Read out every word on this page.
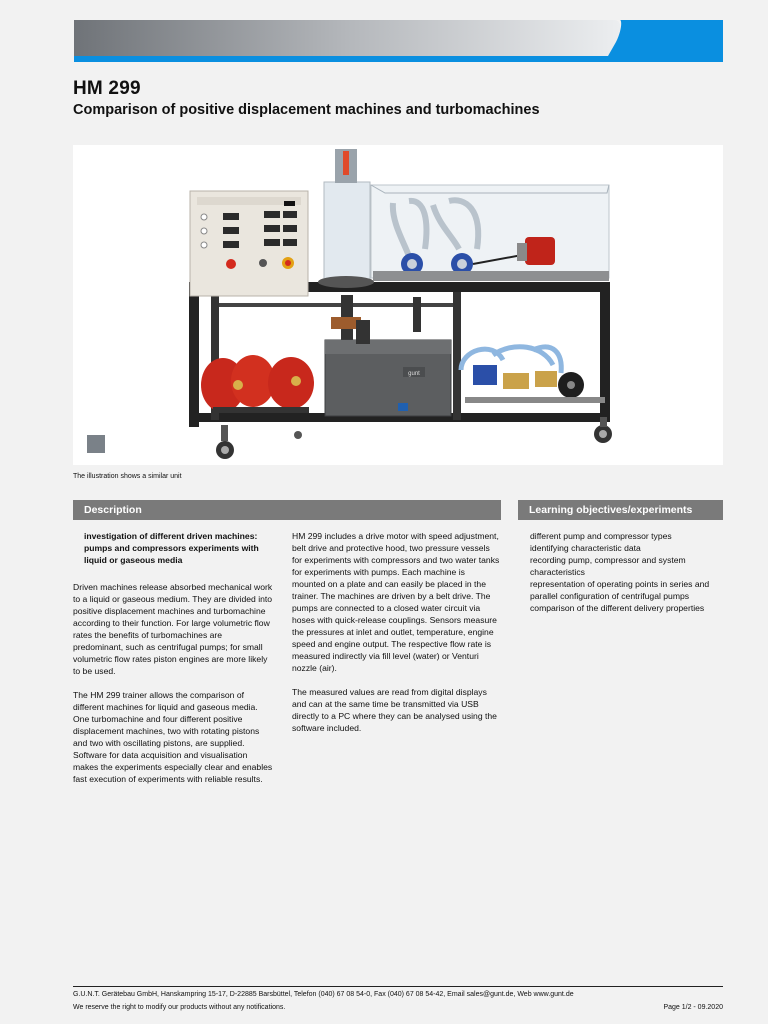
HM 299
Comparison of positive displacement machines and turbomachines
gunt
The illustration shows a similar unit
Description	Learning objectives/experiments

investigation of different driven machines: pumps and compressors experiments with liquid or gaseous media

Driven machines release absorbed mechanical work to a liquid or gaseous medium. They are divided into positive displacement machines and turbomachine according to their function. For large volumetric flow rates the benefits of turbomachines are predominant, such as centrifugal pumps; for small volumetric flow rates piston engines are more likely to be used.

The HM 299 trainer allows the comparison of different machines for liquid and gaseous media. One turbomachine and four different positive displacement machines, two with rotating pistons and two with oscillating pistons, are supplied. Software for data acquisition and visualisation makes the experiments especially clear and enables fast execution of experiments with reliable results.

HM 299 includes a drive motor with speed adjustment, belt drive and protective hood, two pressure vessels for experiments with compressors and two water tanks for experiments with pumps. Each machine is mounted on a plate and can easily be placed in the trainer. The machines are driven by a belt drive. The pumps are connected to a closed water circuit via hoses with quick-release couplings. Sensors measure the pressures at inlet and outlet, temperature, engine speed and engine output. The respective flow rate is measured indirectly via fill level (water) or Venturi nozzle (air).

The measured values are read from digital displays and can at the same time be transmitted via USB directly to a PC where they can be analysed using the software included.

different pump and compressor types
identifying characteristic data
recording pump, compressor and system characteristics
representation of operating points in series and parallel configuration of centrifugal pumps
comparison of the different delivery properties
G.U.N.T. Gerätebau GmbH, Hanskampring 15-17, D-22885 Barsbüttel, Telefon (040) 67 08 54-0, Fax (040) 67 08 54-42, Email sales@gunt.de, Web www.gunt.de
We reserve the right to modify our products without any notifications.	Page 1/2 - 09.2020
